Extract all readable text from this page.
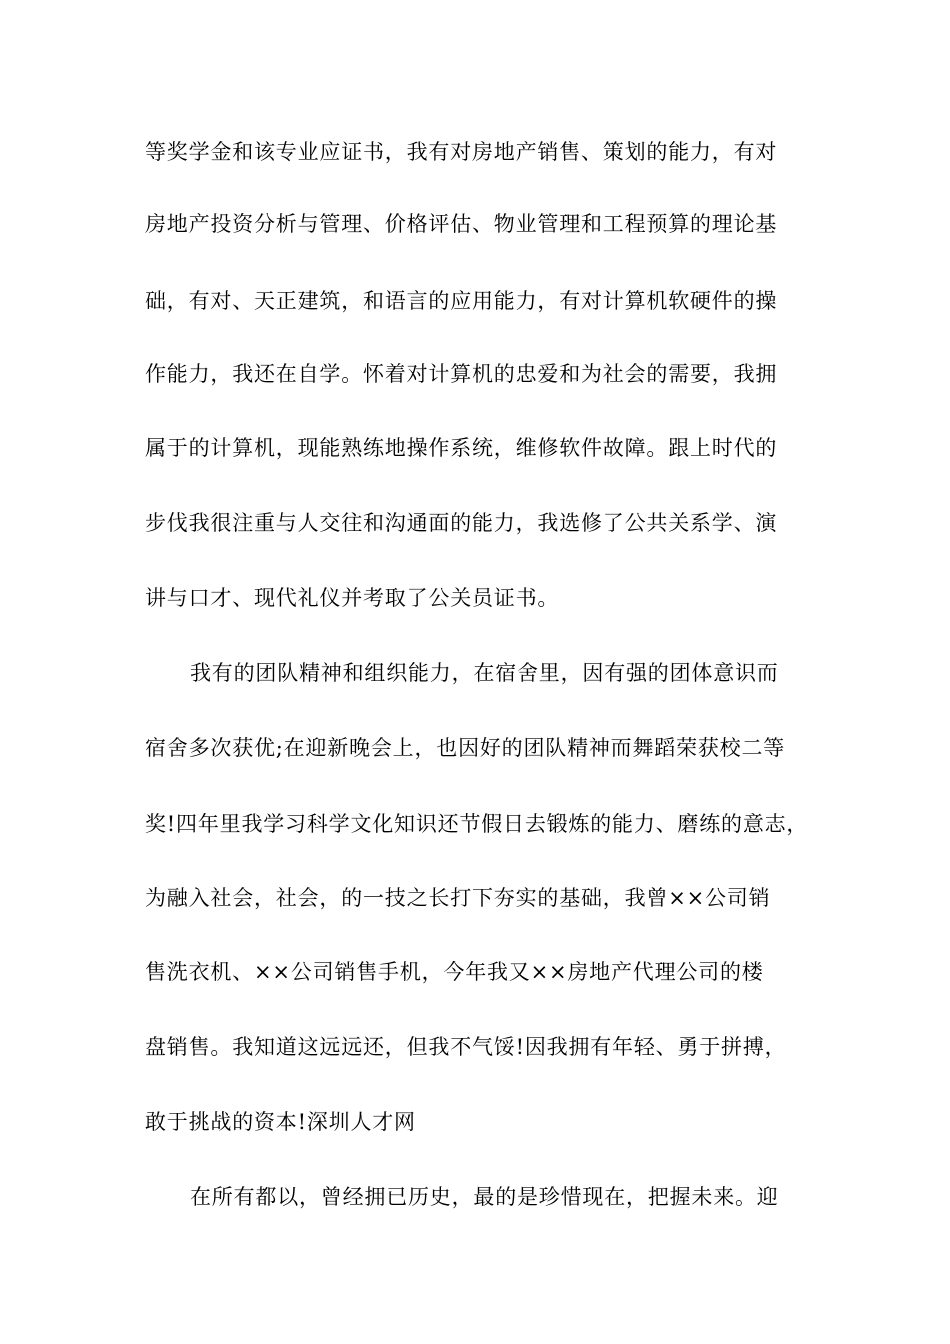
等奖学金和该专业应证书，我有对房地产销售、策划的能力，有对
房地产投资分析与管理、价格评估、物业管理和工程预算的理论基
础，有对、天正建筑，和语言的应用能力，有对计算机软硬件的操
作能力，我还在自学。怀着对计算机的忠爱和为社会的需要，我拥
属于的计算机，现能熟练地操作系统，维修软件故障。跟上时代的
步伐我很注重与人交往和沟通面的能力，我选修了公共关系学、演
讲与口才、现代礼仪并考取了公关员证书。
我有的团队精神和组织能力，在宿舍里，因有强的团体意识而
宿舍多次获优;在迎新晚会上，也因好的团队精神而舞蹈荣获校二等
奖!四年里我学习科学文化知识还节假日去锻炼的能力、磨练的意志，
为融入社会，社会，的一技之长打下夯实的基础，我曾××公司销
售洗衣机、××公司销售手机，今年我又××房地产代理公司的楼
盘销售。我知道这远远还，但我不气馁!因我拥有年轻、勇于拼搏，
敢于挑战的资本!深圳人才网
在所有都以，曾经拥已历史，最的是珍惜现在，把握未来。迎
